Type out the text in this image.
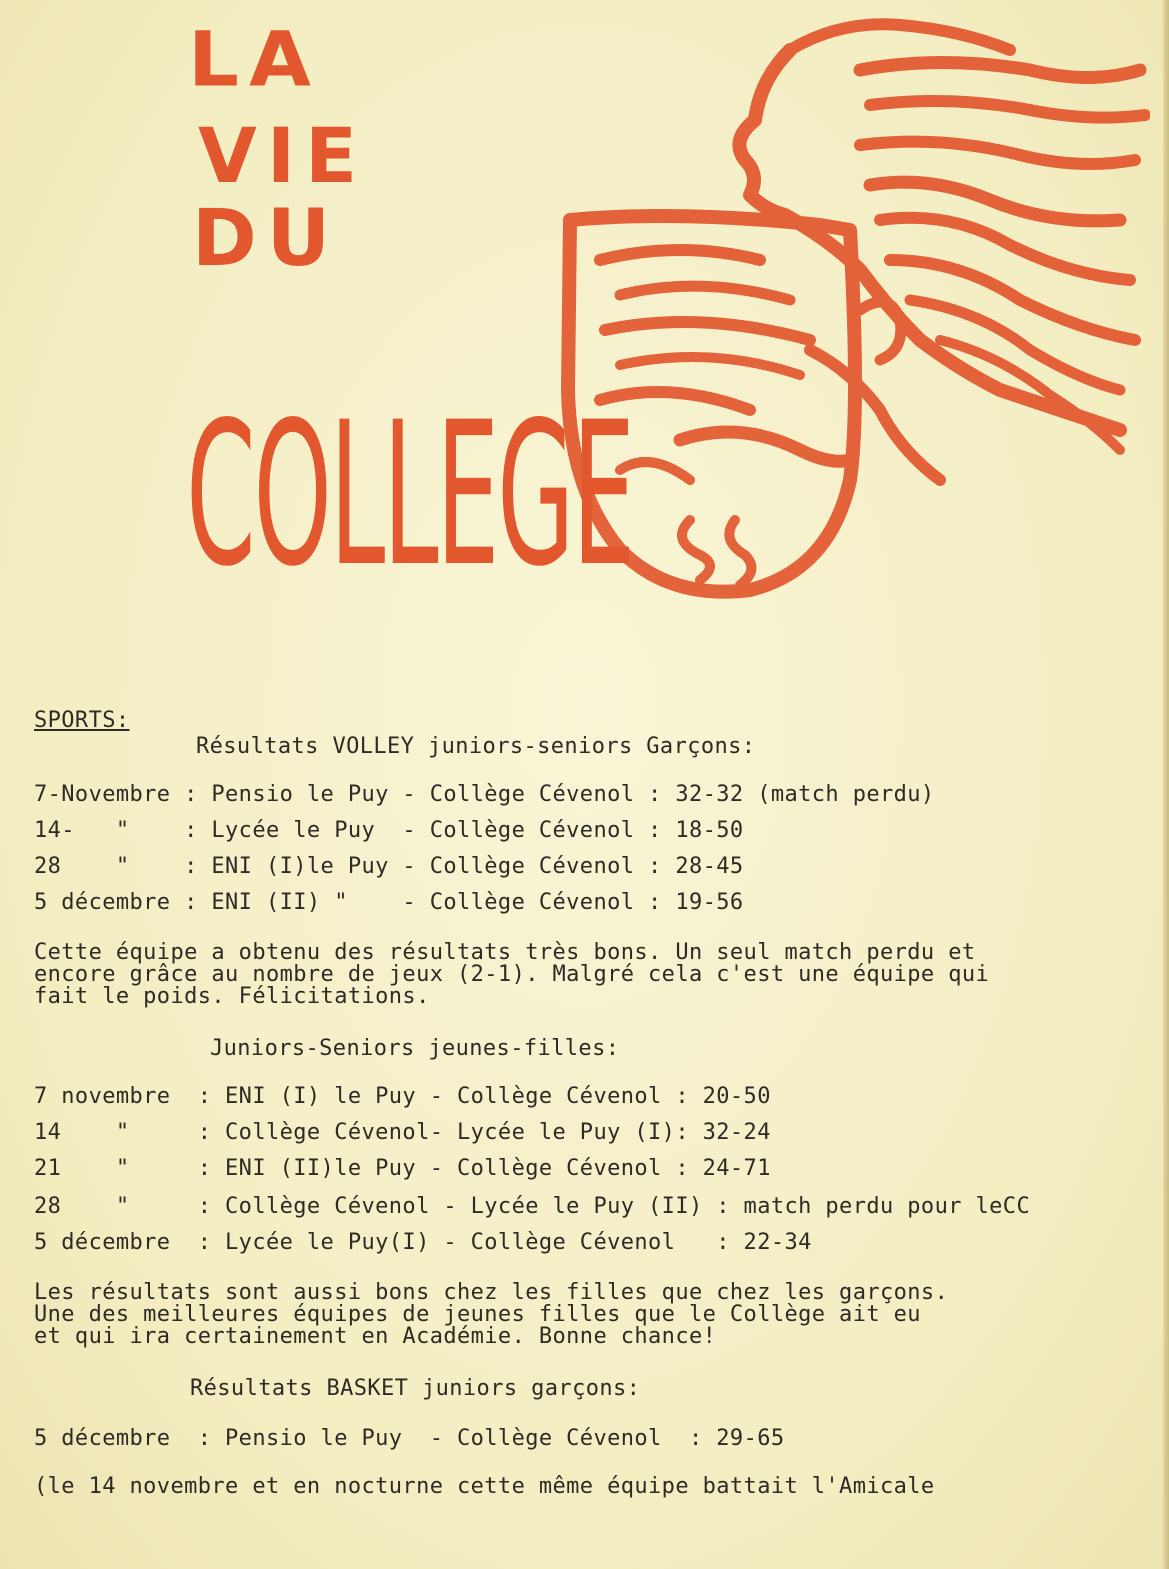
LA
VIE
DU
COLLEGE
SPORTS:
Résultats VOLLEY juniors-seniors Garçons:
7-Novembre : Pensio le Puy - Collège Cévenol : 32-32 (match perdu)
14-   "    : Lycée le Puy  - Collège Cévenol : 18-50
28    "    : ENI (I)le Puy - Collège Cévenol : 28-45
5 décembre : ENI (II) "    - Collège Cévenol : 19-56
Cette équipe a obtenu des résultats très bons. Un seul match perdu et
encore grâce au nombre de jeux (2-1). Malgré cela c'est une équipe qui
fait le poids. Félicitations.
Juniors-Seniors jeunes-filles:
7 novembre  : ENI (I) le Puy - Collège Cévenol : 20-50
14    "     : Collège Cévenol- Lycée le Puy (I): 32-24
21    "     : ENI (II)le Puy - Collège Cévenol : 24-71
28    "     : Collège Cévenol - Lycée le Puy (II) : match perdu pour leCC
5 décembre  : Lycée le Puy(I) - Collège Cévenol   : 22-34
Les résultats sont aussi bons chez les filles que chez les garçons.
Une des meilleures équipes de jeunes filles que le Collège ait eu
et qui ira certainement en Académie. Bonne chance!
Résultats BASKET juniors garçons:
5 décembre  : Pensio le Puy  - Collège Cévenol  : 29-65
(le 14 novembre et en nocturne cette même équipe battait l'Amicale
